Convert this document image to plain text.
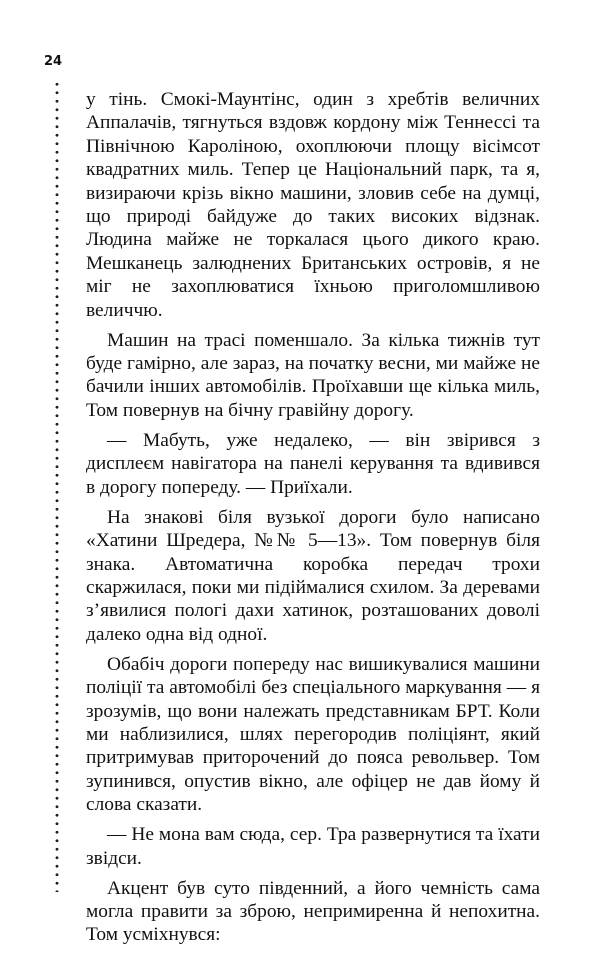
24

у тінь. Смокі-Маунтінс, один з хребтів величних Аппалачів, тягнуться вздовж кордону між Теннессі та Північною Кароліною, охоплюючи площу вісімсот квадратних миль. Тепер це Національний парк, та я, визираючи крізь вікно машини, зловив себе на думці, що природі байдуже до таких високих відзнак. Людина майже не торкалася цього дикого краю. Мешканець залюднених Британських островів, я не міг не захоплюватися їхньою приголомшливою величчю.

Машин на трасі поменшало. За кілька тижнів тут буде гамірно, але зараз, на початку весни, ми майже не бачили інших автомобілів. Проїхавши ще кілька миль, Том повернув на бічну гравійну дорогу.

— Мабуть, уже недалеко, — він звірився з дисплеєм навігатора на панелі керування та вдивився в дорогу попереду. — Приїхали.

На знакові біля вузької дороги було написано «Хатини Шредера, №№ 5—13». Том повернув біля знака. Автоматична коробка передач трохи скаржилася, поки ми підіймалися схилом. За деревами з’явилися пологі дахи хатинок, розташованих доволі далеко одна від одної.

Обабіч дороги попереду нас вишикувалися машини поліції та автомобілі без спеціального маркування — я зрозумів, що вони належать представникам БРТ. Коли ми наблизилися, шлях перегородив поліціянт, який притримував приторочений до пояса револьвер. Том зупинився, опустив вікно, але офіцер не дав йому й слова сказати.

— Не мона вам сюда, сер. Тра развернутися та їхати звідси.

Акцент був суто південний, а його чемність сама могла правити за зброю, непримиренна й непохитна. Том усміхнувся:
